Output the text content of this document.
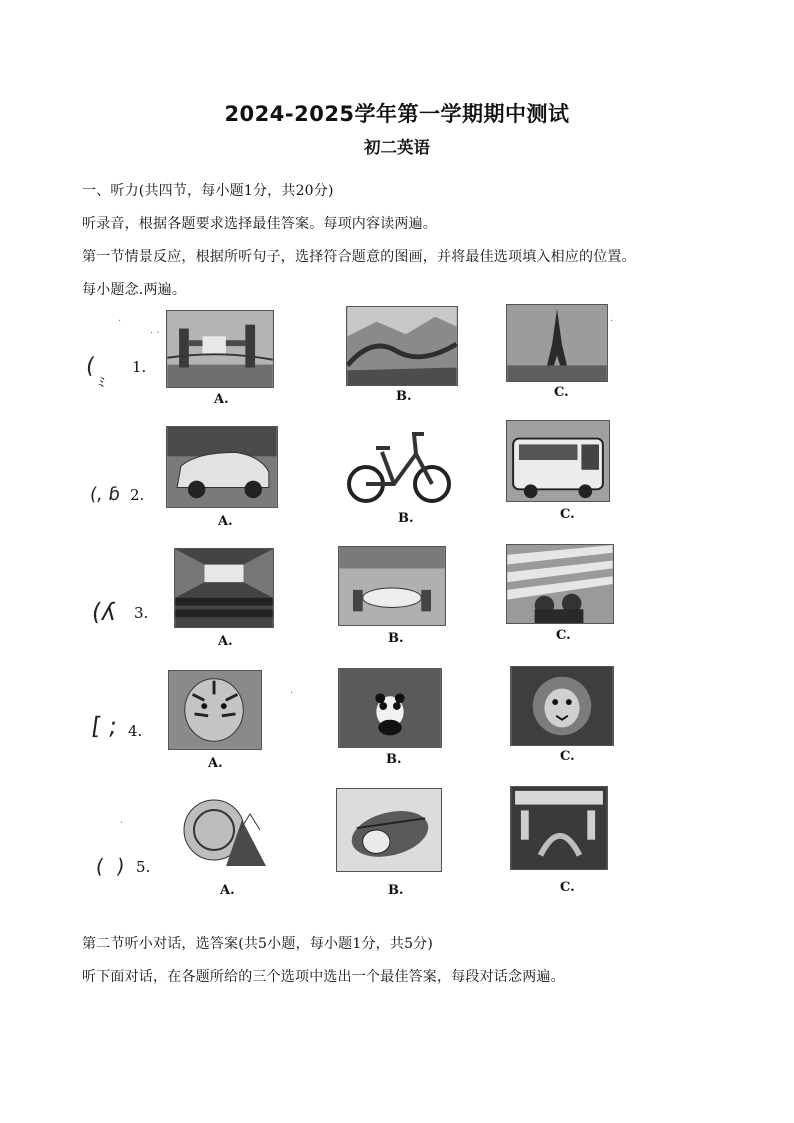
2024-2025学年第一学期期中测试
初二英语
一、听力(共四节，每小题1分，共20分)
听录音，根据各题要求选择最佳答案。每项内容读两遍。
第一节情景反应，根据所听句子，选择符合题意的图画，并将最佳选项填入相应的位置。
每小题念.两遍。
(
ﾐ
1.
A.	B.	C.
(, ɓ 2.
A.	B.	C.
(ʎ 3.
A.	B.	C.
[ ; 4.
A.	B.	C.
(  ) 5.
A.	B.	C.
·
· ·
·
·
·
第二节听小对话，选答案(共5小题，每小题1分，共5分)
听下面对话，在各题所给的三个选项中选出一个最佳答案，每段对话念两遍。
